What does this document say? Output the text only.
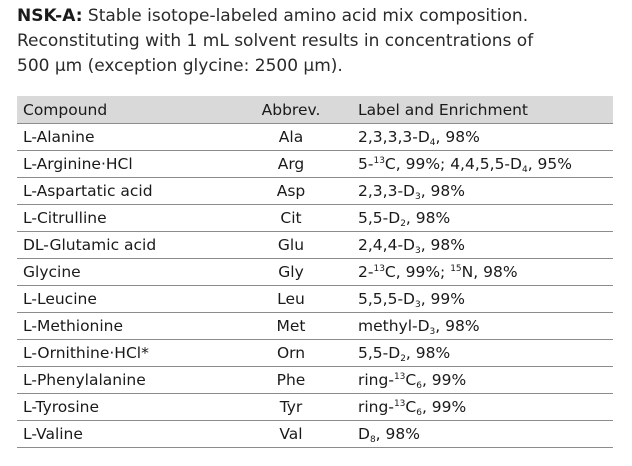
NSK-A: Stable isotope-labeled amino acid mix composition.
Reconstituting with 1 mL solvent results in concentrations of
500 µm (exception glycine: 2500 µm).
Compound	Abbrev.	Label and Enrichment
L-Alanine	Ala	$2,3,3,3-D_4$, 98%
L-Arginine·HCl	Arg	5-$^{13}$C, 99%; $4,4,5,5-D_4$, 95%
L-Aspartatic acid	Asp	$2,3,3-D_3$, 98%
L-Citrulline	Cit	$5,5-D_2$, 98%
DL-Glutamic acid	Glu	$2,4,4-D_3$, 98%
Glycine	Gly	2-$^{13}$C, 99%; $^{15}$N, 98%
L-Leucine	Leu	$5,5,5-D_3$, 99%
L-Methionine	Met	methyl-$D_3$, 98%
L-Ornithine·HCl*	Orn	$5,5-D_2$, 98%
L-Phenylalanine	Phe	ring-$^{13}C_6$, 99%
L-Tyrosine	Tyr	ring-$^{13}C_6$, 99%
L-Valine	Val	$D_8$, 98%
